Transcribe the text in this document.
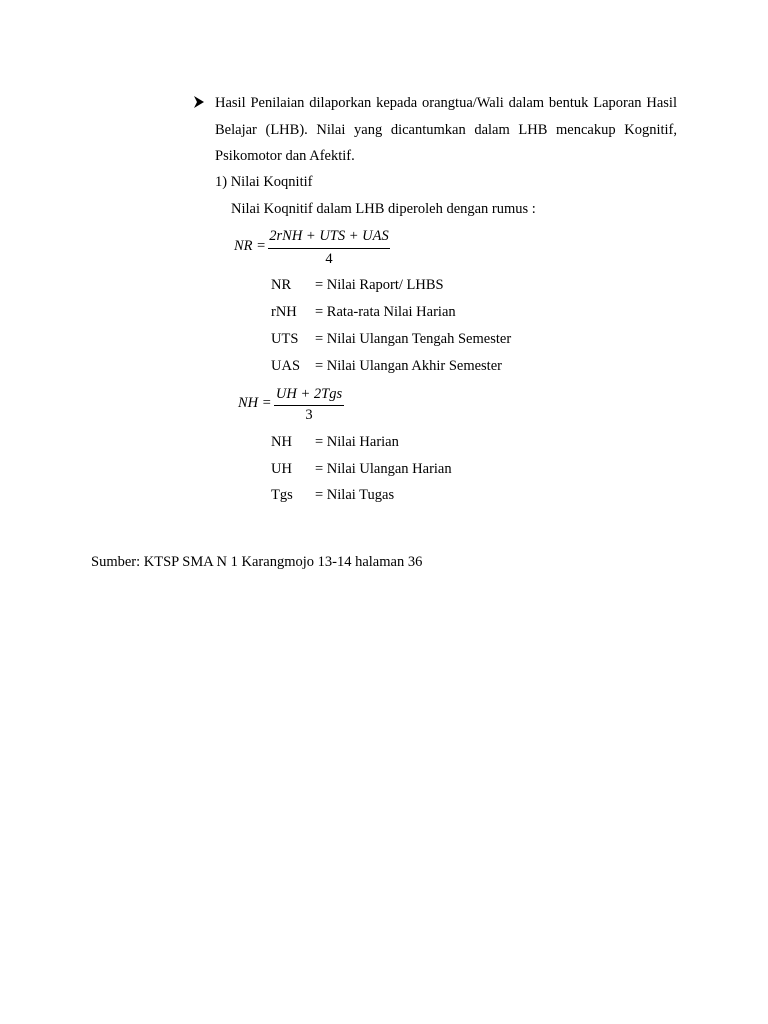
Hasil Penilaian dilaporkan kepada orangtua/Wali dalam bentuk Laporan Hasil Belajar (LHB). Nilai yang dicantumkan dalam LHB mencakup Kognitif, Psikomotor dan Afektif.
1) Nilai Koqnitif
Nilai Koqnitif dalam LHB diperoleh dengan rumus :
NR =
2rNH + UTS + UAS
4
NR = Nilai Raport/ LHBS
rNH = Rata-rata Nilai Harian
UTS = Nilai Ulangan Tengah Semester
UAS = Nilai Ulangan Akhir Semester
NH =
UH + 2Tgs
3
NH = Nilai Harian
UH = Nilai Ulangan Harian
Tgs = Nilai Tugas
Sumber: KTSP SMA N 1 Karangmojo 13-14 halaman 36
